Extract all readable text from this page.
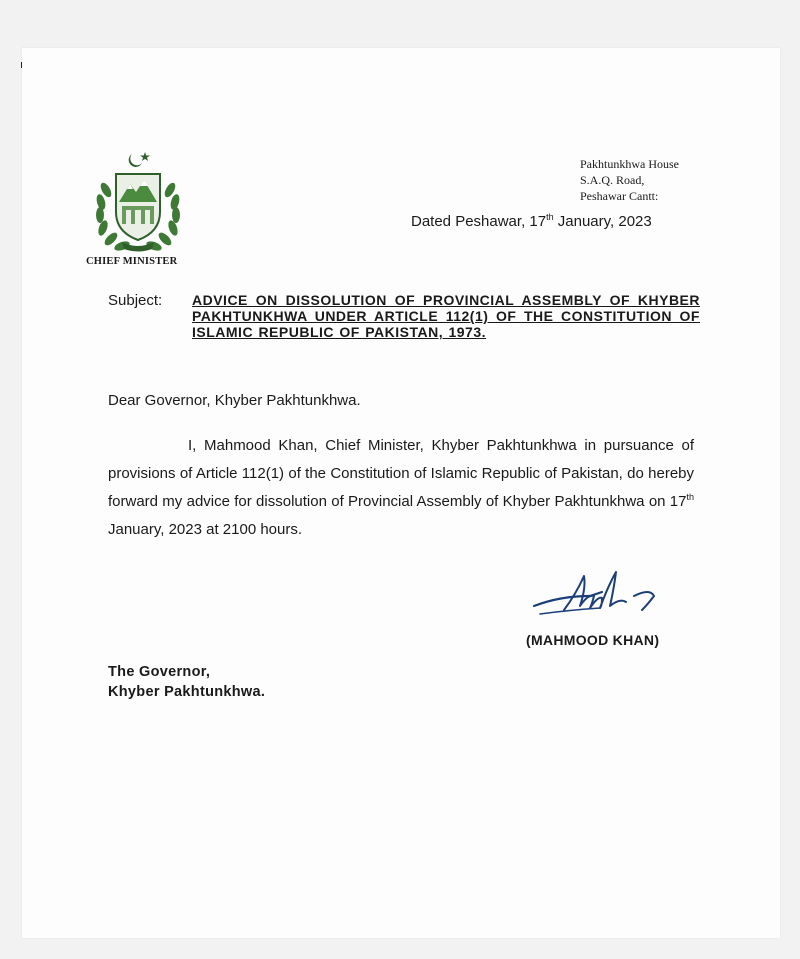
CHIEF MINISTER
Pakhtunkhwa House
S.A.Q. Road,
Peshawar Cantt:
Dated Peshawar, 17th January, 2023
Subject: ADVICE ON DISSOLUTION OF PROVINCIAL ASSEMBLY OF KHYBER PAKHTUNKHWA UNDER ARTICLE 112(1) OF THE CONSTITUTION OF ISLAMIC REPUBLIC OF PAKISTAN, 1973.
Dear Governor, Khyber Pakhtunkhwa.
I, Mahmood Khan, Chief Minister, Khyber Pakhtunkhwa in pursuance of provisions of Article 112(1) of the Constitution of Islamic Republic of Pakistan, do hereby forward my advice for dissolution of Provincial Assembly of Khyber Pakhtunkhwa on 17th January, 2023 at 2100 hours.
(MAHMOOD KHAN)
The Governor,
Khyber Pakhtunkhwa.
